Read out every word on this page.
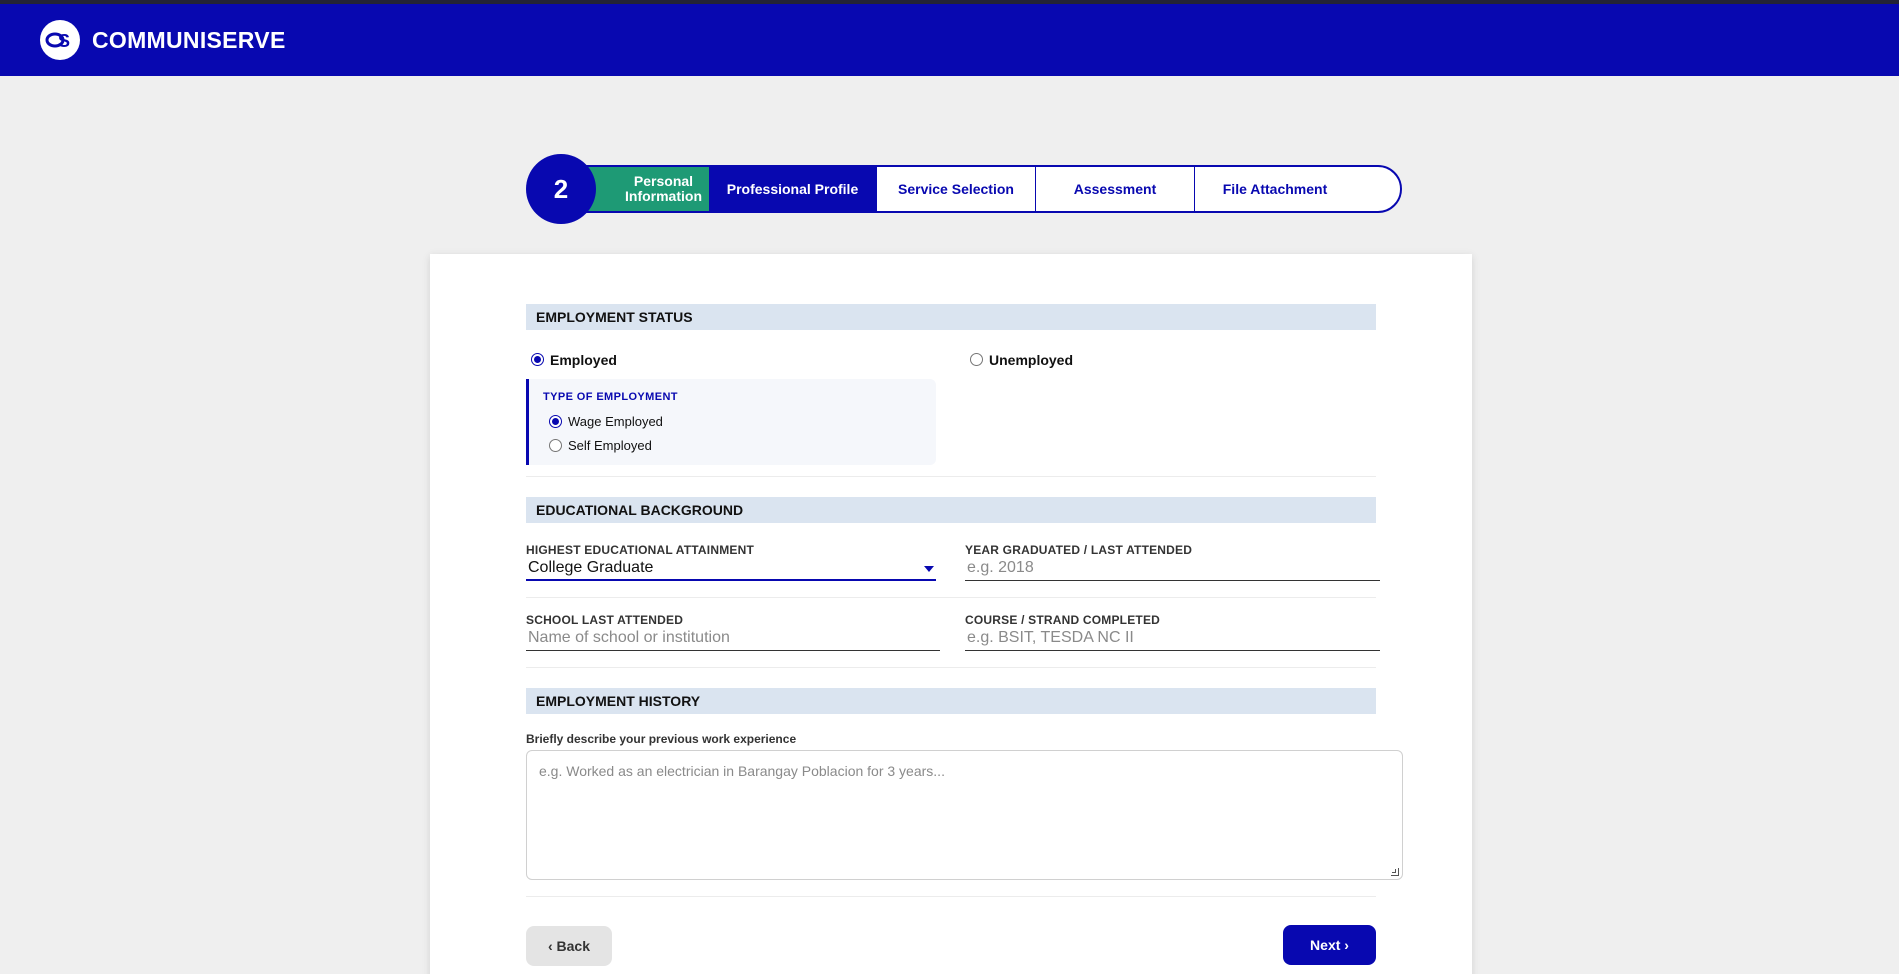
S COMMUNISERVE
2	Personal Information	Professional Profile	Service Selection	Assessment	File Attachment
EMPLOYMENT STATUS
Employed	Unemployed
TYPE OF EMPLOYMENT
Wage Employed
Self Employed
EDUCATIONAL BACKGROUND
HIGHEST EDUCATIONAL ATTAINMENT
College Graduate
YEAR GRADUATED / LAST ATTENDED
e.g. 2018
SCHOOL LAST ATTENDED
Name of school or institution
COURSE / STRAND COMPLETED
e.g. BSIT, TESDA NC II
EMPLOYMENT HISTORY
Briefly describe your previous work experience
e.g. Worked as an electrician in Barangay Poblacion for 3 years...
‹ Back	Next ›
